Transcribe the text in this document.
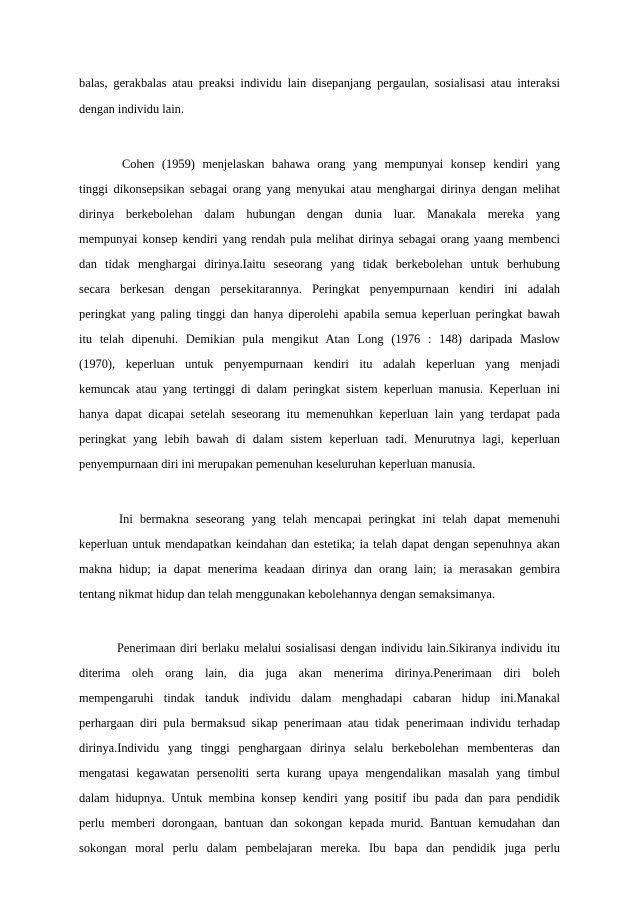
balas, gerakbalas atau preaksi individu lain disepanjang pergaulan, sosialisasi atau interaksi
dengan individu lain.
Cohen (1959) menjelaskan bahawa orang yang mempunyai konsep kendiri yang
tinggi dikonsepsikan sebagai orang yang menyukai atau menghargai dirinya dengan melihat
dirinya berkebolehan dalam hubungan dengan dunia luar. Manakala mereka yang
mempunyai konsep kendiri yang rendah pula melihat dirinya sebagai orang yaang membenci
dan tidak menghargai dirinya.Iaitu seseorang yang tidak berkebolehan untuk berhubung
secara berkesan dengan persekitarannya. Peringkat penyempurnaan kendiri ini adalah
peringkat yang paling tinggi dan hanya diperolehi apabila semua keperluan peringkat bawah
itu telah dipenuhi. Demikian pula mengikut Atan Long (1976 : 148) daripada Maslow
(1970), keperluan untuk penyempurnaan kendiri itu adalah keperluan yang menjadi
kemuncak atau yang tertinggi di dalam peringkat sistem keperluan manusia. Keperluan ini
hanya dapat dicapai setelah seseorang itu memenuhkan keperluan lain yang terdapat pada
peringkat yang lebih bawah di dalam sistem keperluan tadi. Menurutnya lagi, keperluan
penyempurnaan diri ini merupakan pemenuhan keseluruhan keperluan manusia.
Ini bermakna seseorang yang telah mencapai peringkat ini telah dapat memenuhi
keperluan untuk mendapatkan keindahan dan estetika; ia telah dapat dengan sepenuhnya akan
makna hidup; ia dapat menerima keadaan dirinya dan orang lain; ia merasakan gembira
tentang nikmat hidup dan telah menggunakan kebolehannya dengan semaksimanya.
Penerimaan diri berlaku melalui sosialisasi dengan individu lain.Sikiranya individu itu
diterima oleh orang lain, dia juga akan menerima dirinya.Penerimaan diri boleh
mempengaruhi tindak tanduk individu dalam menghadapi cabaran hidup ini.Manakal
perhargaan diri pula bermaksud sikap penerimaan atau tidak penerimaan individu terhadap
dirinya.Individu yang tinggi penghargaan dirinya selalu berkebolehan membenteras dan
mengatasi kegawatan persenoliti serta kurang upaya mengendalikan masalah yang timbul
dalam hidupnya. Untuk membina konsep kendiri yang positif ibu pada dan para pendidik
perlu memberi dorongaan, bantuan dan sokongan kepada murid. Bantuan kemudahan dan
sokongan moral perlu dalam pembelajaran mereka. Ibu bapa dan pendidik juga perlu
